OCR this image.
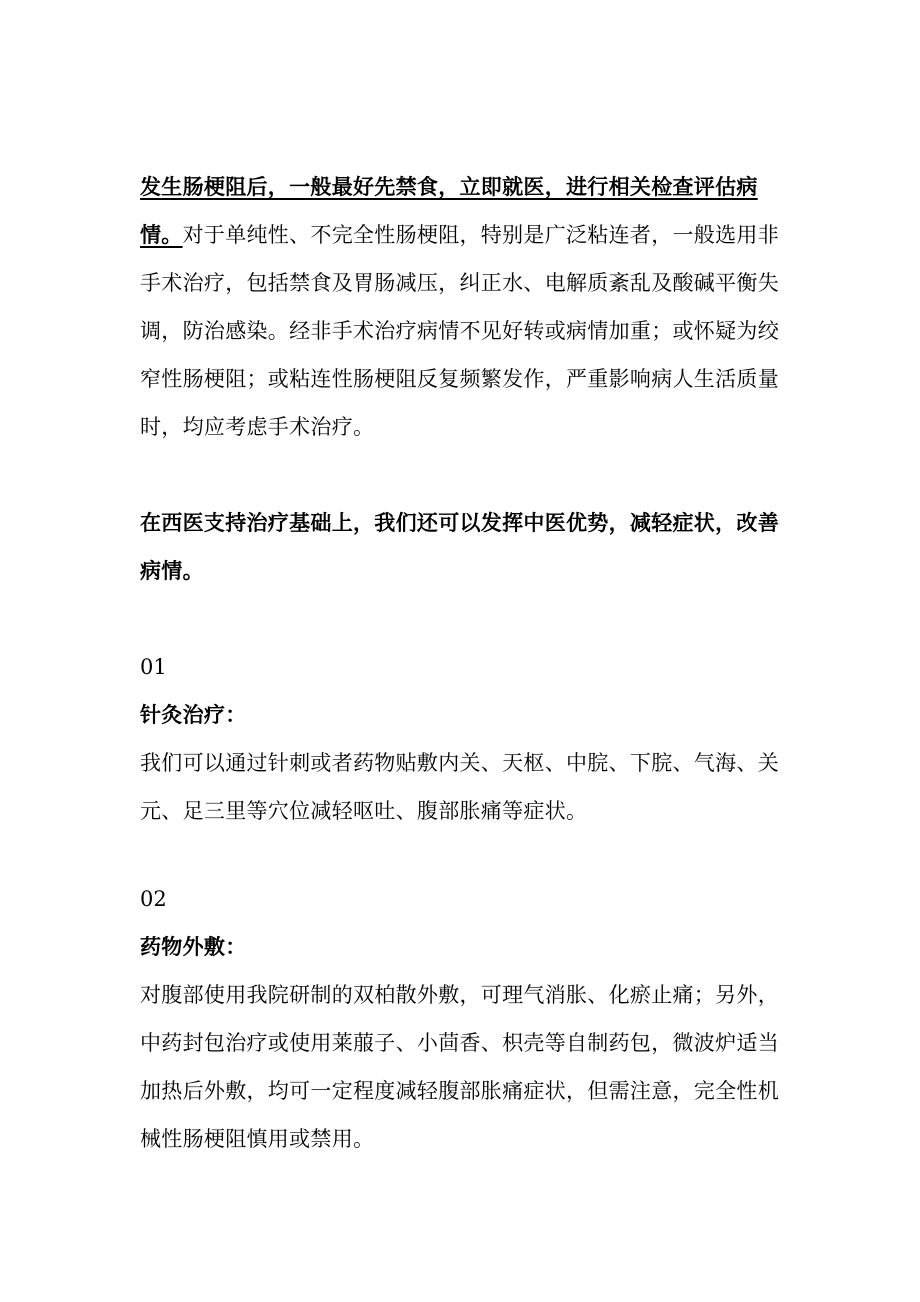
发生肠梗阻后，一般最好先禁食，立即就医，进行相关检查评估病情。对于单纯性、不完全性肠梗阻，特别是广泛粘连者，一般选用非手术治疗，包括禁食及胃肠减压，纠正水、电解质紊乱及酸碱平衡失调，防治感染。经非手术治疗病情不见好转或病情加重；或怀疑为绞窄性肠梗阻；或粘连性肠梗阻反复频繁发作，严重影响病人生活质量时，均应考虑手术治疗。

在西医支持治疗基础上，我们还可以发挥中医优势，减轻症状，改善病情。

01

针灸治疗：

我们可以通过针刺或者药物贴敷内关、天枢、中脘、下脘、气海、关元、足三里等穴位减轻呕吐、腹部胀痛等症状。

02

药物外敷：

对腹部使用我院研制的双柏散外敷，可理气消胀、化瘀止痛；另外，中药封包治疗或使用莱菔子、小茴香、枳壳等自制药包，微波炉适当加热后外敷，均可一定程度减轻腹部胀痛症状，但需注意，完全性机械性肠梗阻慎用或禁用。
